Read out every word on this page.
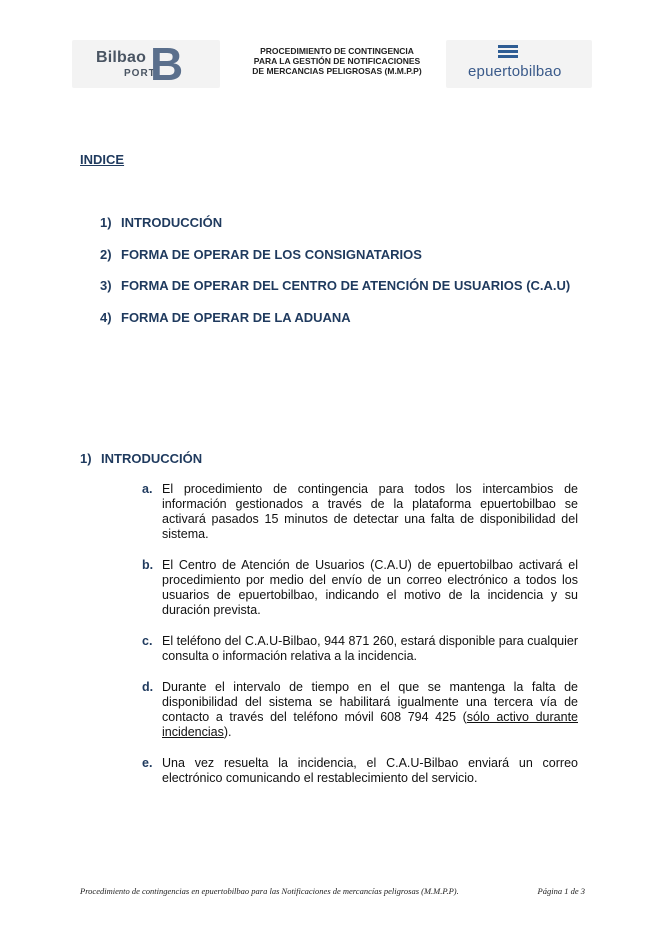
Bilbao
PORT
B	PROCEDIMIENTO DE CONTINGENCIA
PARA LA GESTIÓN DE NOTIFICACIONES
DE MERCANCIAS PELIGROSAS (M.M.P.P)	epuertobilbao
INDICE
1) INTRODUCCIÓN
2) FORMA DE OPERAR DE LOS CONSIGNATARIOS
3) FORMA DE OPERAR DEL CENTRO DE ATENCIÓN DE USUARIOS (C.A.U)
4) FORMA DE OPERAR DE LA ADUANA
1) INTRODUCCIÓN
a. El procedimiento de contingencia para todos los intercambios de información gestionados a través de la plataforma epuertobilbao se activará pasados 15 minutos de detectar una falta de disponibilidad del sistema.
b. El Centro de Atención de Usuarios (C.A.U) de epuertobilbao activará el procedimiento por medio del envío de un correo electrónico a todos los usuarios de epuertobilbao, indicando el motivo de la incidencia y su duración prevista.
c. El teléfono del C.A.U-Bilbao, 944 871 260, estará disponible para cualquier consulta o información relativa a la incidencia.
d. Durante el intervalo de tiempo en el que se mantenga la falta de disponibilidad del sistema se habilitará igualmente una tercera vía de contacto a través del teléfono móvil 608 794 425 (sólo activo durante incidencias).
e. Una vez resuelta la incidencia, el C.A.U-Bilbao enviará un correo electrónico comunicando el restablecimiento del servicio.
Procedimiento de contingencias en epuertobilbao para las Notificaciones de mercancías peligrosas (M.M.P.P).	Página 1 de 3
